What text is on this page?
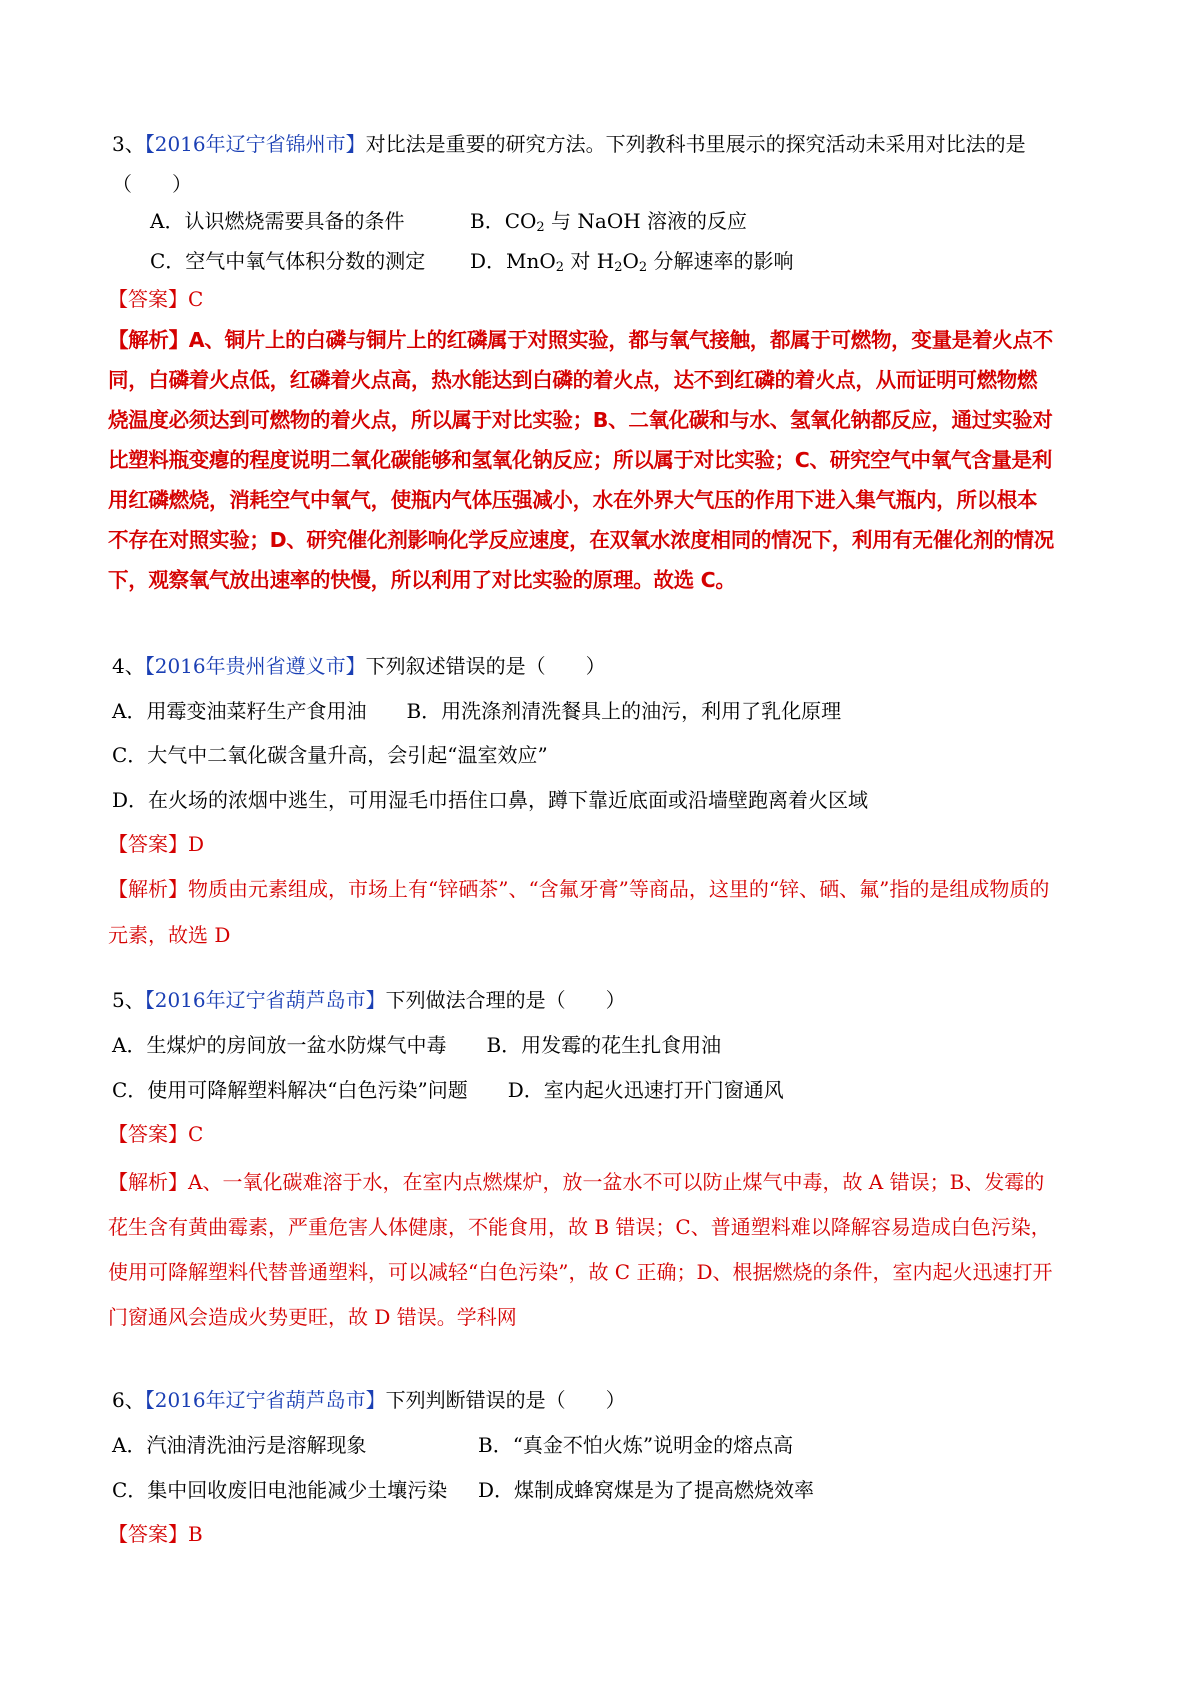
3、【2016年辽宁省锦州市】对比法是重要的研究方法。下列教科书里展示的探究活动未采用对比法的是
（　　）
A．认识燃烧需要具备的条件	B．$CO_2$ 与 NaOH 溶液的反应
C．空气中氧气体积分数的测定 D．MnO$_2$ 对 $H_2O_2$ 分解速率的影响
【答案】C
【解析】A、铜片上的白磷与铜片上的红磷属于对照实验，都与氧气接触，都属于可燃物，变量是着火点不
同，白磷着火点低，红磷着火点高，热水能达到白磷的着火点，达不到红磷的着火点，从而证明可燃物燃
烧温度必须达到可燃物的着火点，所以属于对比实验；B、二氧化碳和与水、氢氧化钠都反应，通过实验对
比塑料瓶变瘪的程度说明二氧化碳能够和氢氧化钠反应；所以属于对比实验；C、研究空气中氧气含量是利
用红磷燃烧，消耗空气中氧气，使瓶内气体压强减小，水在外界大气压的作用下进入集气瓶内，所以根本
不存在对照实验；D、研究催化剂影响化学反应速度，在双氧水浓度相同的情况下，利用有无催化剂的情况
下，观察氧气放出速率的快慢，所以利用了对比实验的原理。故选 C。
4、【2016年贵州省遵义市】下列叙述错误的是（　　）
A．用霉变油菜籽生产食用油　　B．用洗涤剂清洗餐具上的油污，利用了乳化原理
C．大气中二氧化碳含量升高，会引起“温室效应”
D．在火场的浓烟中逃生，可用湿毛巾捂住口鼻，蹲下靠近底面或沿墙壁跑离着火区域
【答案】D
【解析】物质由元素组成，市场上有“锌硒茶”、“含氟牙膏”等商品，这里的“锌、硒、氟”指的是组成物质的
元素，故选 D
5、【2016年辽宁省葫芦岛市】下列做法合理的是（　　）
A．生煤炉的房间放一盆水防煤气中毒　　B．用发霉的花生扎食用油
C．使用可降解塑料解决“白色污染”问题　　D．室内起火迅速打开门窗通风
【答案】C
【解析】A、一氧化碳难溶于水，在室内点燃煤炉，放一盆水不可以防止煤气中毒，故 A 错误；B、发霉的
花生含有黄曲霉素，严重危害人体健康，不能食用，故 B 错误；C、普通塑料难以降解容易造成白色污染，
使用可降解塑料代替普通塑料，可以减轻“白色污染”，故 C 正确；D、根据燃烧的条件，室内起火迅速打开
门窗通风会造成火势更旺，故 D 错误。学科网
6、【2016年辽宁省葫芦岛市】下列判断错误的是（　　）
A．汽油清洗油污是溶解现象	B．“真金不怕火炼”说明金的熔点高
C．集中回收废旧电池能减少土壤污染 D．煤制成蜂窝煤是为了提高燃烧效率
【答案】B
